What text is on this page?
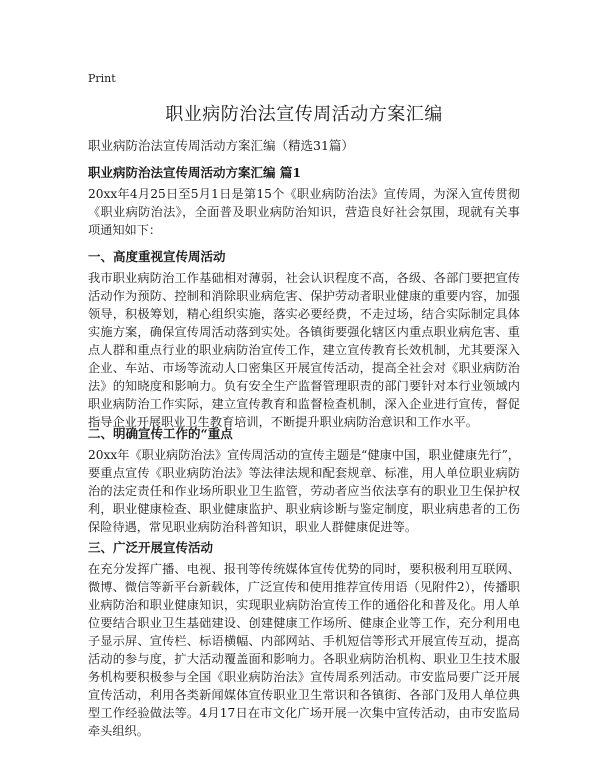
Print
职业病防治法宣传周活动方案汇编
职业病防治法宣传周活动方案汇编（精选31篇）
职业病防治法宣传周活动方案汇编 篇1

20xx年4月25日至5月1日是第15个《职业病防治法》宣传周，为深入宣传贯彻《职业病防治法》，全面普及职业病防治知识，营造良好社会氛围，现就有关事项通知如下：

一、高度重视宣传周活动

我市职业病防治工作基础相对薄弱，社会认识程度不高，各级、各部门要把宣传活动作为预防、控制和消除职业病危害、保护劳动者职业健康的重要内容，加强领导，积极筹划，精心组织实施，落实必要经费，不走过场，结合实际制定具体实施方案，确保宣传周活动落到实处。各镇街要强化辖区内重点职业病危害、重点人群和重点行业的职业病防治宣传工作，建立宣传教育长效机制，尤其要深入企业、车站、市场等流动人口密集区开展宣传活动，提高全社会对《职业病防治法》的知晓度和影响力。负有安全生产监督管理职责的部门要针对本行业领域内职业病防治工作实际，建立宣传教育和监督检查机制，深入企业进行宣传，督促指导企业开展职业卫生教育培训，不断提升职业病防治意识和工作水平。

二、明确宣传工作的“重点

20xx年《职业病防治法》宣传周活动的宣传主题是“健康中国，职业健康先行”，要重点宣传《职业病防治法》等法律法规和配套规章、标准，用人单位职业病防治的法定责任和作业场所职业卫生监管，劳动者应当依法享有的职业卫生保护权利，职业健康检查、职业健康监护、职业病诊断与鉴定制度，职业病患者的工伤保险待遇，常见职业病防治科普知识，职业人群健康促进等。

三、广泛开展宣传活动

在充分发挥广播、电视、报刊等传统媒体宣传优势的同时，要积极利用互联网、微博、微信等新平台新载体，广泛宣传和使用推荐宣传用语（见附件2），传播职业病防治和职业健康知识，实现职业病防治宣传工作的通俗化和普及化。用人单位要结合职业卫生基础建设、创建健康工作场所、健康企业等工作，充分利用电子显示屏、宣传栏、标语横幅、内部网站、手机短信等形式开展宣传互动，提高活动的参与度，扩大活动覆盖面和影响力。各职业病防治机构、职业卫生技术服务机构要积极参与全国《职业病防治法》宣传周系列活动。市安监局要广泛开展宣传活动，利用各类新闻媒体宣传职业卫生常识和各镇街、各部门及用人单位典型工作经验做法等。4月17日在市文化广场开展一次集中宣传活动，由市安监局牵头组织。
